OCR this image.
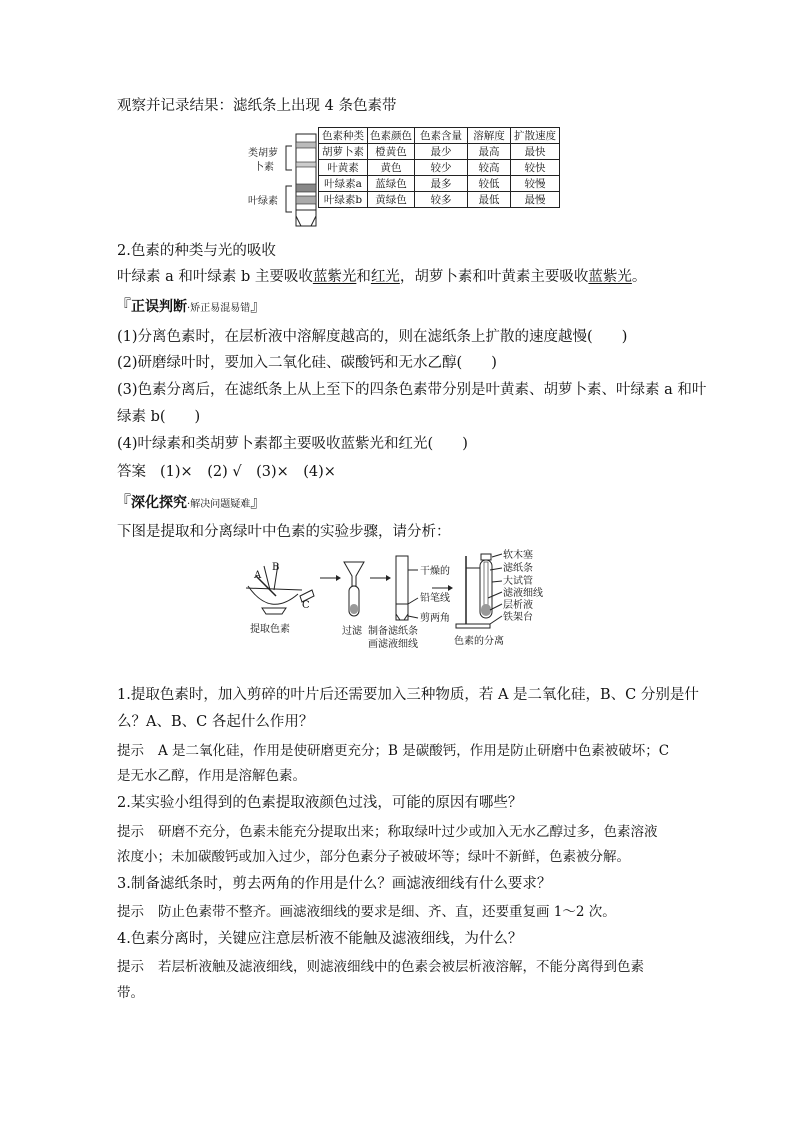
观察并记录结果：滤纸条上出现 4 条色素带
类胡萝
卜素
叶绿素
色素种类	色素颜色	色素含量	溶解度	扩散速度
胡萝卜素	橙黄色	最少	最高	最快
叶黄素	黄色	较少	较高	较快
叶绿素a	蓝绿色	最多	较低	较慢
叶绿素b	黄绿色	较多	最低	最慢
2.色素的种类与光的吸收
叶绿素 a 和叶绿素 b 主要吸收蓝紫光和红光，胡萝卜素和叶黄素主要吸收蓝紫光。
『正误判断·矫正易混易错』
(1)分离色素时，在层析液中溶解度越高的，则在滤纸条上扩散的速度越慢(　　)
(2)研磨绿叶时，要加入二氧化硅、碳酸钙和无水乙醇(　　)
(3)色素分离后，在滤纸条上从上至下的四条色素带分别是叶黄素、胡萝卜素、叶绿素 a 和叶
绿素 b(　　)
(4)叶绿素和类胡萝卜素都主要吸收蓝紫光和红光(　　)
答案 (1)×　(2) √　(3)×　(4)×
『深化探究·解决问题疑难』
下图是提取和分离绿叶中色素的实验步骤，请分析：
A
B
C
提取色素	过滤
干燥的
铅笔线
剪两角
制备滤纸条
画滤液细线
软木塞
滤纸条
大试管
滤液细线
层析液
铁架台
色素的分离
1.提取色素时，加入剪碎的叶片后还需要加入三种物质，若 A 是二氧化硅，B、C 分别是什
么？A、B、C 各起什么作用？
提示 A 是二氧化硅，作用是使研磨更充分；B 是碳酸钙，作用是防止研磨中色素被破坏；C
是无水乙醇，作用是溶解色素。
2.某实验小组得到的色素提取液颜色过浅，可能的原因有哪些？
提示 研磨不充分，色素未能充分提取出来；称取绿叶过少或加入无水乙醇过多，色素溶液
浓度小；未加碳酸钙或加入过少，部分色素分子被破坏等；绿叶不新鲜，色素被分解。
3.制备滤纸条时，剪去两角的作用是什么？画滤液细线有什么要求？
提示 防止色素带不整齐。画滤液细线的要求是细、齐、直，还要重复画 1～2 次。
4.色素分离时，关键应注意层析液不能触及滤液细线，为什么？
提示 若层析液触及滤液细线，则滤液细线中的色素会被层析液溶解，不能分离得到色素
带。
